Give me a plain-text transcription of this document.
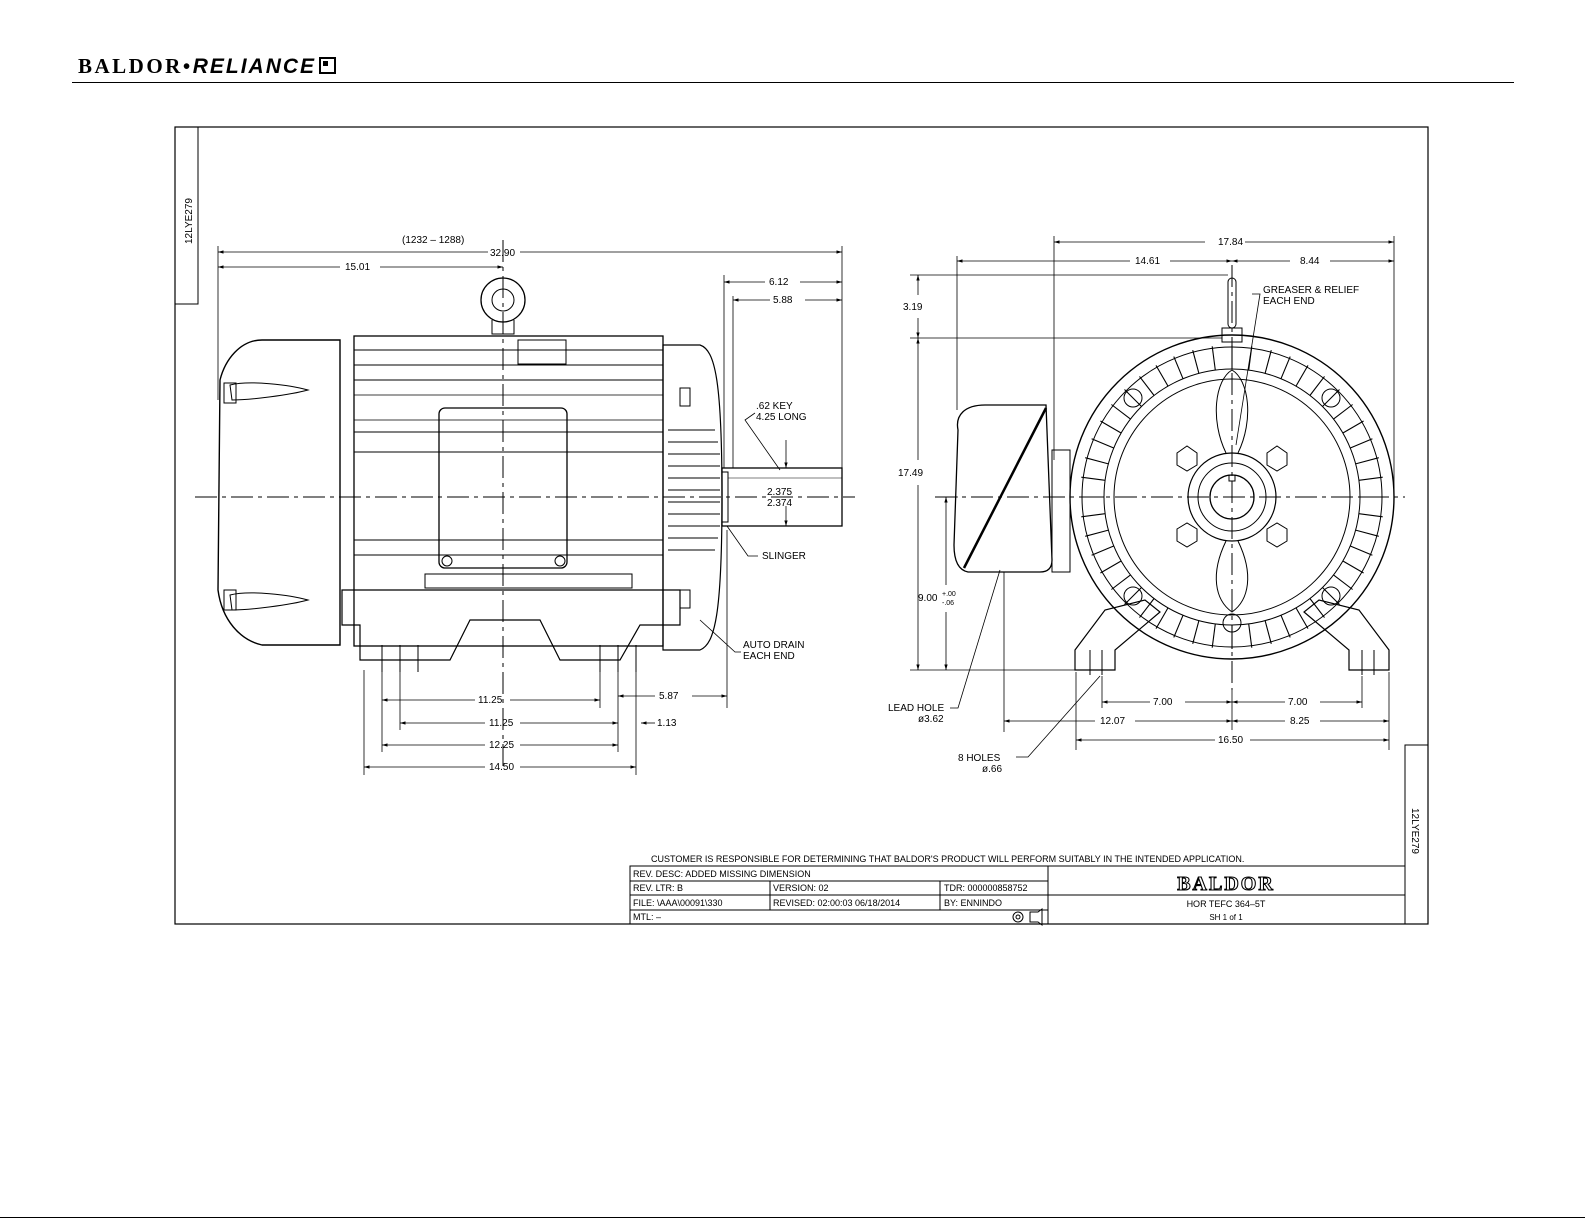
BALDOR•RELIANCE
12LYE279
12LYE279
(1232 – 1288)
32.90
15.01
6.12
5.88
.62 KEY
4.25 LONG
2.375
2.374
SLINGER
AUTO DRAIN
EACH END
11.25
11.25
12.25
14.50
5.87
1.13
17.84
14.61	8.44
3.19
17.49
9.00 +.00
-.06
GREASER & RELIEF
EACH END
LEAD HOLE
ø3.62
8 HOLES
ø.66
7.00	7.00
12.07	8.25
16.50
CUSTOMER IS RESPONSIBLE FOR DETERMINING THAT BALDOR'S PRODUCT WILL PERFORM SUITABLY IN THE INTENDED APPLICATION.
REV. DESC: ADDED MISSING DIMENSION
REV. LTR: B	VERSION: 02	TDR: 000000858752
FILE: \AAA\00091\330	REVISED: 02:00:03 06/18/2014	BY: ENNINDO
MTL: –
BALDOR
HOR TEFC 364–5T
SH 1 of 1
